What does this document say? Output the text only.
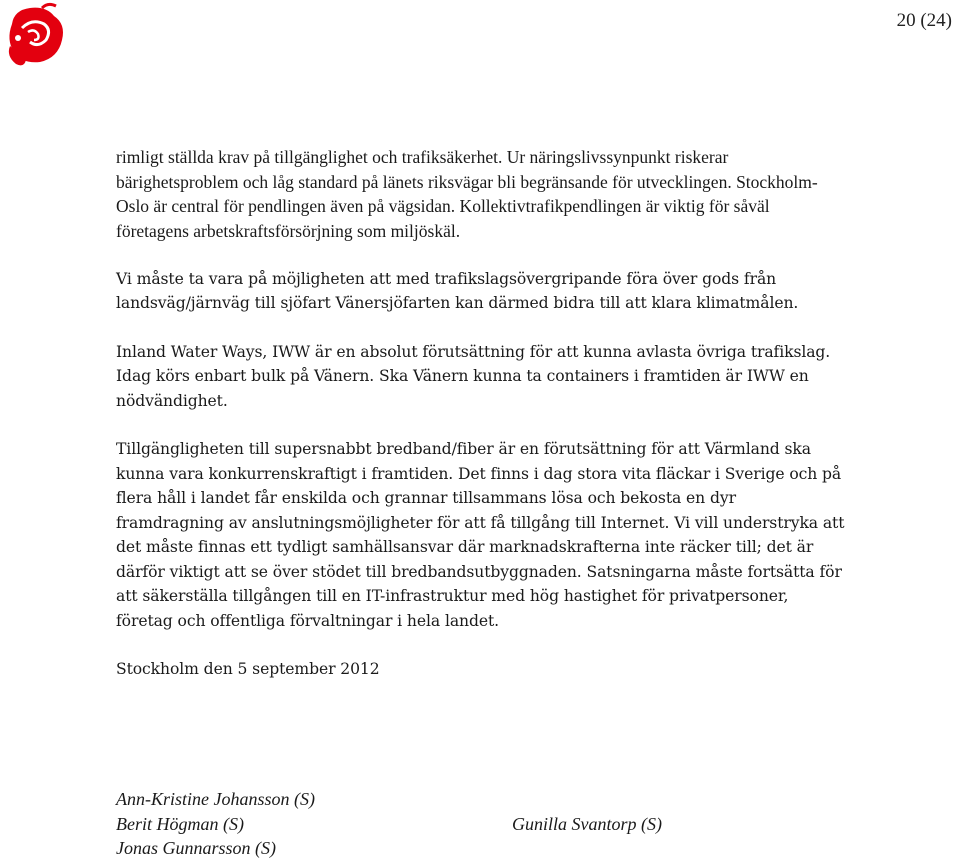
20 (24)

rimligt ställda krav på tillgänglighet och trafiksäkerhet. Ur näringslivssynpunkt riskerar bärighetsproblem och låg standard på länets riksvägar bli begränsande för utvecklingen. Stockholm-Oslo är central för pendlingen även på vägsidan. Kollektivtrafikpendlingen är viktig för såväl företagens arbetskraftsförsörjning som miljöskäl.

Vi måste ta vara på möjligheten att med trafikslagsövergripande föra över gods från landsväg/järnväg till sjöfart Vänersjöfarten kan därmed bidra till att klara klimatmålen.

Inland Water Ways, IWW är en absolut förutsättning för att kunna avlasta övriga trafikslag. Idag körs enbart bulk på Vänern. Ska Vänern kunna ta containers i framtiden är IWW en nödvändighet.

Tillgängligheten till supersnabbt bredband/fiber är en förutsättning för att Värmland ska kunna vara konkurrenskraftigt i framtiden. Det finns i dag stora vita fläckar i Sverige och på flera håll i landet får enskilda och grannar tillsammans lösa och bekosta en dyr framdragning av anslutningsmöjligheter för att få tillgång till Internet. Vi vill understryka att det måste finnas ett tydligt samhällsansvar där marknadskrafterna inte räcker till; det är därför viktigt att se över stödet till bredbandsutbyggnaden. Satsningarna måste fortsätta för att säkerställa tillgången till en IT-infrastruktur med hög hastighet för privatpersoner, företag och offentliga förvaltningar i hela landet.

Stockholm den 5 september 2012

Ann-Kristine Johansson (S)
Berit Högman (S)	Gunilla Svantorp (S)
Jonas Gunnarsson (S)
